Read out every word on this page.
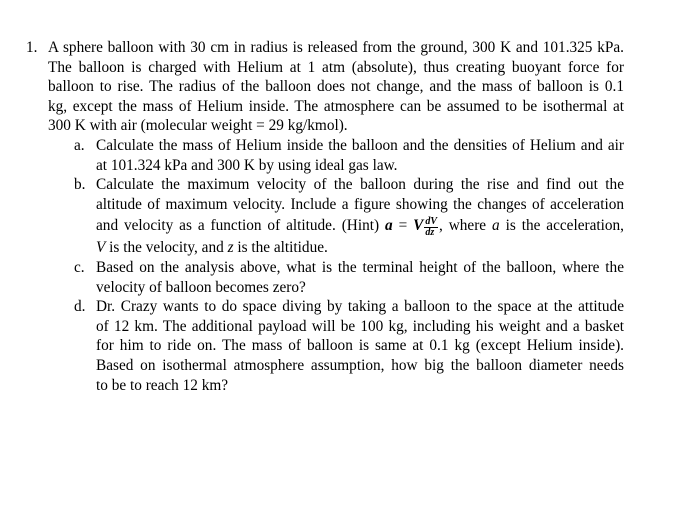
1. A sphere balloon with 30 cm in radius is released from the ground, 300 K and 101.325 kPa.
The balloon is charged with Helium at 1 atm (absolute), thus creating buoyant force for
balloon to rise. The radius of the balloon does not change, and the mass of balloon is 0.1
kg, except the mass of Helium inside. The atmosphere can be assumed to be isothermal at
300 K with air (molecular weight = 29 kg/kmol).
a. Calculate the mass of Helium inside the balloon and the densities of Helium and air
at 101.324 kPa and 300 K by using ideal gas law.
b. Calculate the maximum velocity of the balloon during the rise and find out the
altitude of maximum velocity. Include a figure showing the changes of acceleration
and velocity as a function of altitude. (Hint) a = V $\frac{dV}{dz}$ , where a is the acceleration,
V is the velocity, and z is the altitidue.
c. Based on the analysis above, what is the terminal height of the balloon, where the
velocity of balloon becomes zero?
d. Dr. Crazy wants to do space diving by taking a balloon to the space at the attitude
of 12 km. The additional payload will be 100 kg, including his weight and a basket
for him to ride on. The mass of balloon is same at 0.1 kg (except Helium inside).
Based on isothermal atmosphere assumption, how big the balloon diameter needs
to be to reach 12 km?
